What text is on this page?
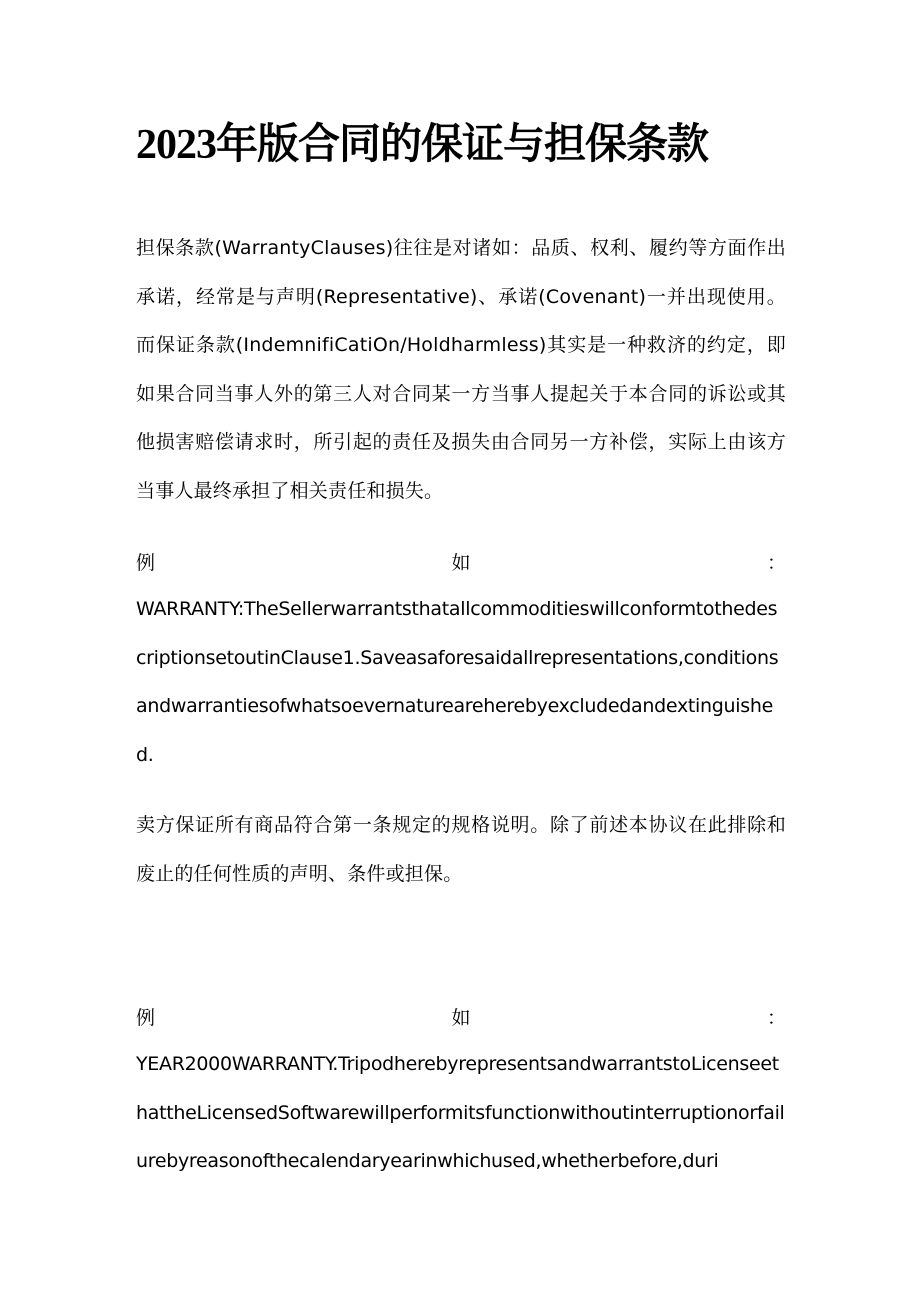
2023年版合同的保证与担保条款

担保条款(WarrantyClauses)往往是对诸如：品质、权利、履约等方面作出承诺，经常是与声明(Representative)、承诺(Covenant)一并出现使用。而保证条款(IndemnifiCatiOn/Holdharmless)其实是一种救济的约定，即如果合同当事人外的第三人对合同某一方当事人提起关于本合同的诉讼或其他损害赔偿请求时，所引起的责任及损失由合同另一方补偿，实际上由该方当事人最终承担了相关责任和损失。

例	如	：

WARRANTY:TheSellerwarrantsthatallcommoditieswillconformtothedescriptionsetoutinClause1.Saveasaforesaidallrepresentations,conditionsandwarrantiesofwhatsoevernatureareherebyexcludedandextinguished.

卖方保证所有商品符合第一条规定的规格说明。除了前述本协议在此排除和废止的任何性质的声明、条件或担保。

例	如	：

YEAR2000WARRANTY.TripodherebyrepresentsandwarrantstoLicenseethattheLicensedSoftwarewillperformitsfunctionwithoutinterruptionorfailurebyreasonofthecalendaryearinwhichused,whetherbefore,duri
